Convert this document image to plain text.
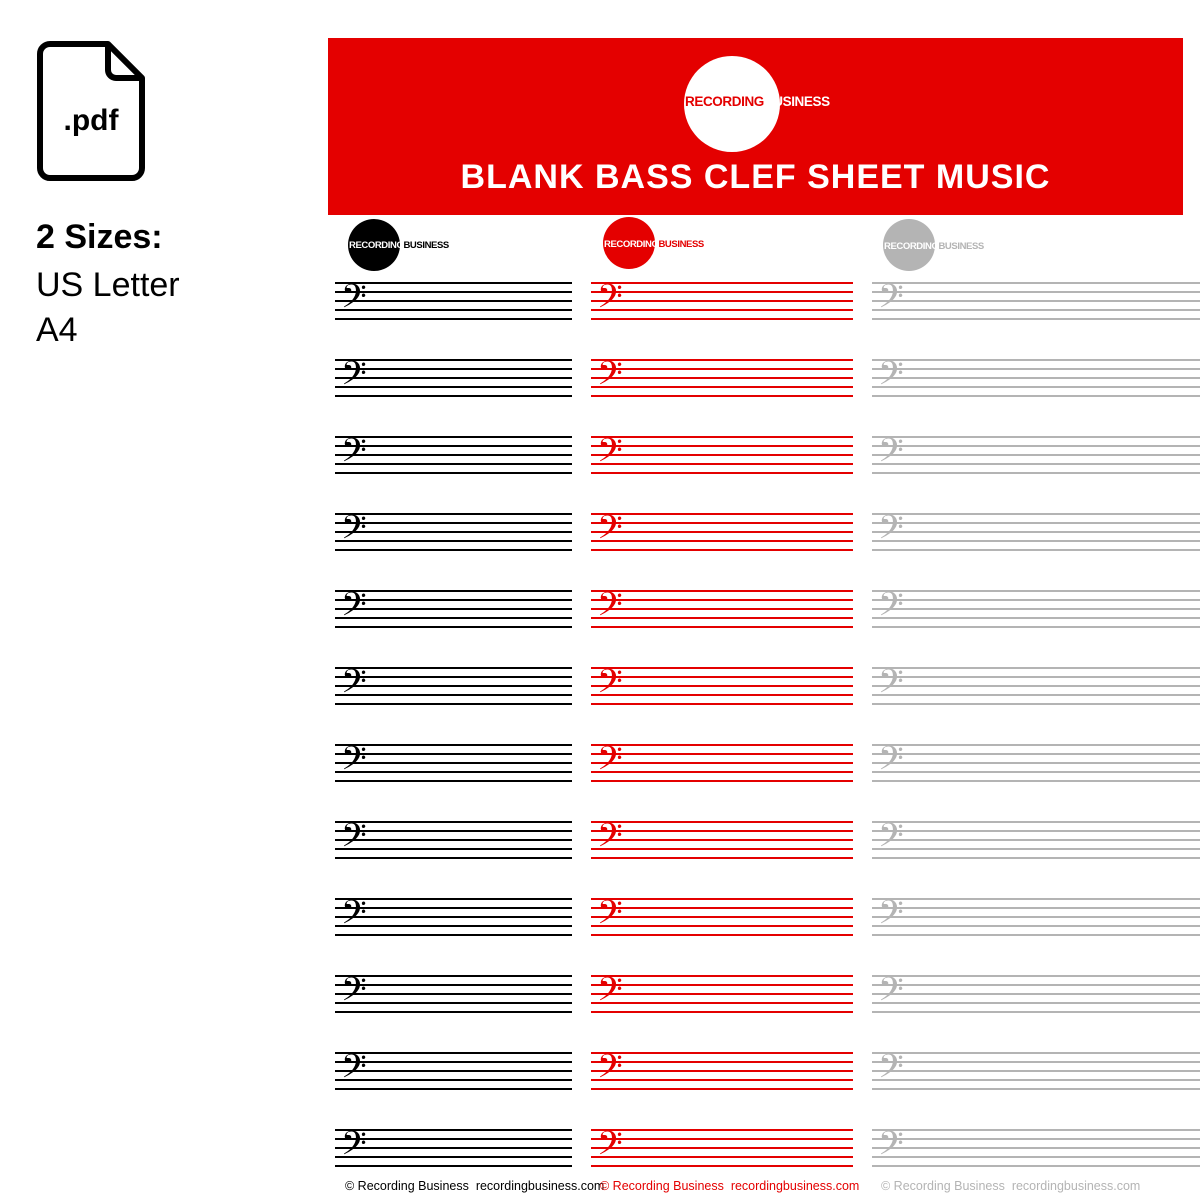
.pdf
2 Sizes:
US Letter
A4
RECORDINGBUSINESS
BLANK BASS CLEF SHEET MUSIC
RECORDINGBUSINESS	RECORDINGBUSINESS	RECORDINGBUSINESS
𝄢
𝄢
𝄢
𝄢
𝄢
𝄢
𝄢
𝄢
𝄢
𝄢
𝄢
𝄢
𝄢
𝄢
𝄢
𝄢
𝄢
𝄢
𝄢
𝄢
𝄢
𝄢
𝄢
𝄢
𝄢
𝄢
𝄢
𝄢
𝄢
𝄢
𝄢
𝄢
𝄢
𝄢
𝄢
𝄢
© Recording Business recordingbusiness.com
© Recording Business recordingbusiness.com © Recording Business recordingbusiness.com
